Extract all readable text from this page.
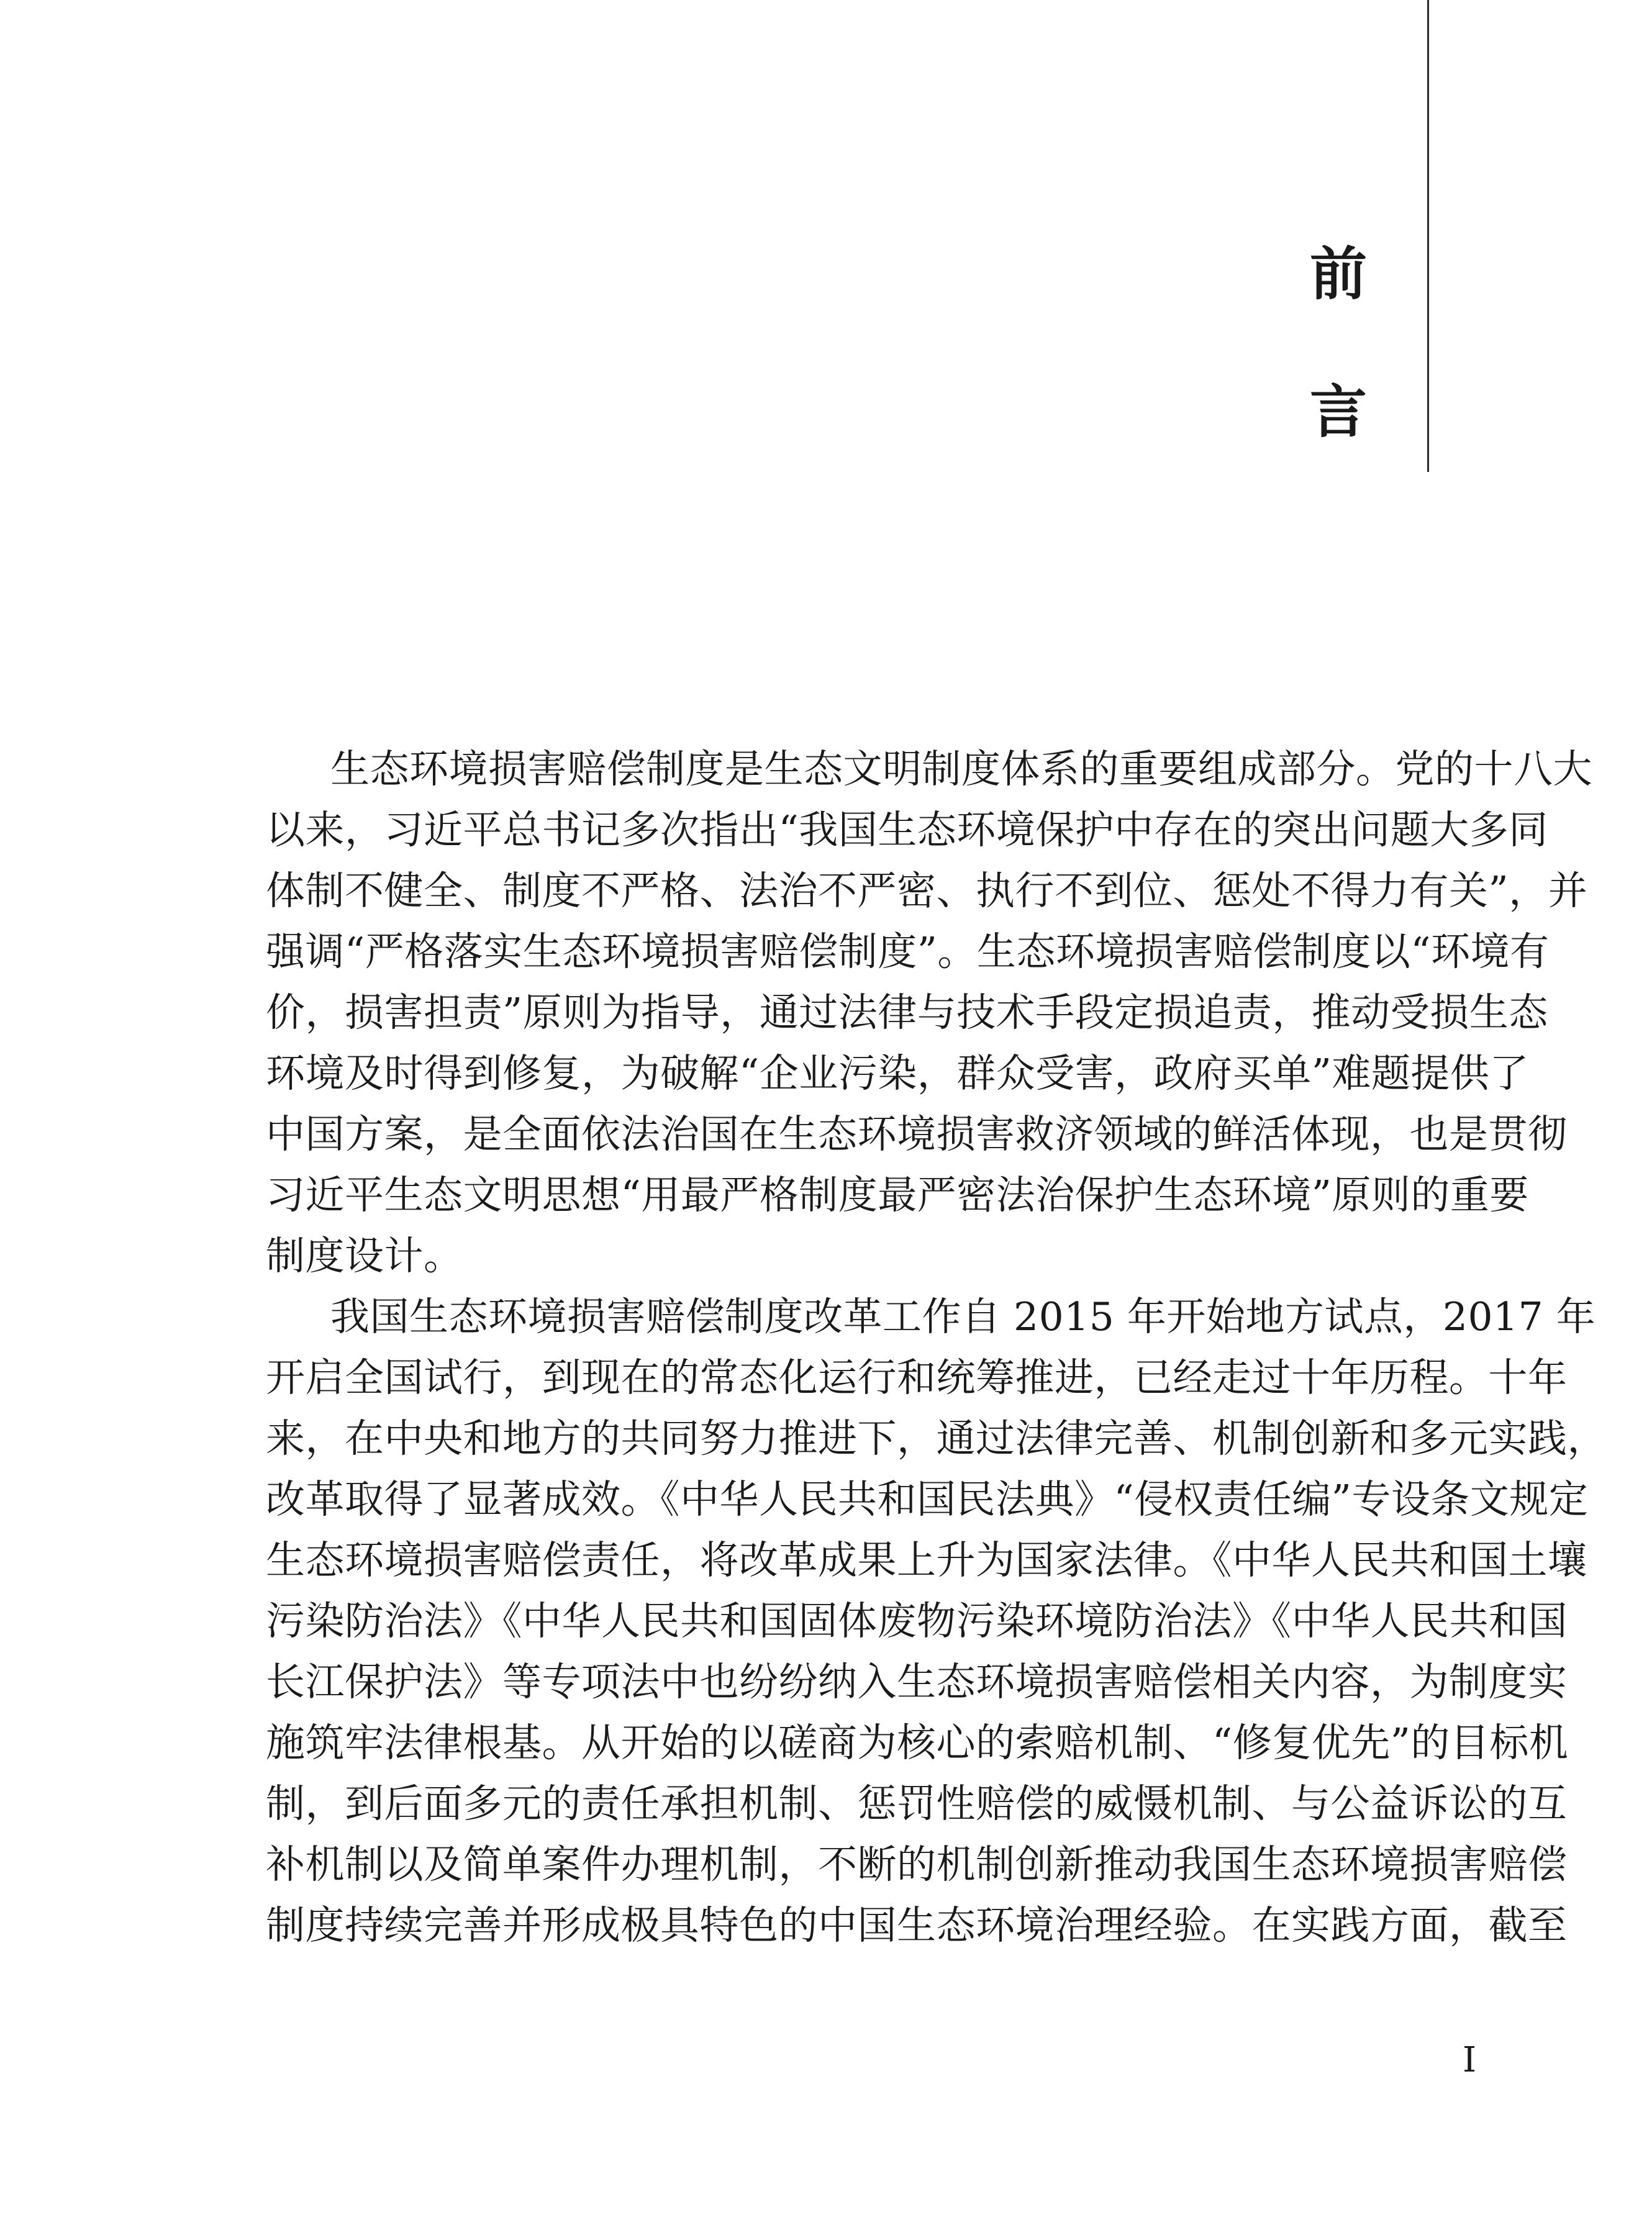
前
言
生态环境损害赔偿制度是生态文明制度体系的重要组成部分。党的十八大
以来，习近平总书记多次指出“我国生态环境保护中存在的突出问题大多同
体制不健全、制度不严格、法治不严密、执行不到位、惩处不得力有关”，并
强调“严格落实生态环境损害赔偿制度”。生态环境损害赔偿制度以“环境有
价，损害担责”原则为指导，通过法律与技术手段定损追责，推动受损生态
环境及时得到修复，为破解“企业污染，群众受害，政府买单”难题提供了
中国方案，是全面依法治国在生态环境损害救济领域的鲜活体现，也是贯彻
习近平生态文明思想“用最严格制度最严密法治保护生态环境”原则的重要
制度设计。
我国生态环境损害赔偿制度改革工作自 2015 年开始地方试点，2017 年
开启全国试行，到现在的常态化运行和统筹推进，已经走过十年历程。十年
来，在中央和地方的共同努力推进下，通过法律完善、机制创新和多元实践，
改革取得了显著成效。《中华人民共和国民法典》“侵权责任编”专设条文规定
生态环境损害赔偿责任，将改革成果上升为国家法律。《中华人民共和国土壤
污染防治法》《中华人民共和国固体废物污染环境防治法》《中华人民共和国
长江保护法》等专项法中也纷纷纳入生态环境损害赔偿相关内容，为制度实
施筑牢法律根基。从开始的以磋商为核心的索赔机制、“修复优先”的目标机
制，到后面多元的责任承担机制、惩罚性赔偿的威慑机制、与公益诉讼的互
补机制以及简单案件办理机制，不断的机制创新推动我国生态环境损害赔偿
制度持续完善并形成极具特色的中国生态环境治理经验。在实践方面，截至
I
